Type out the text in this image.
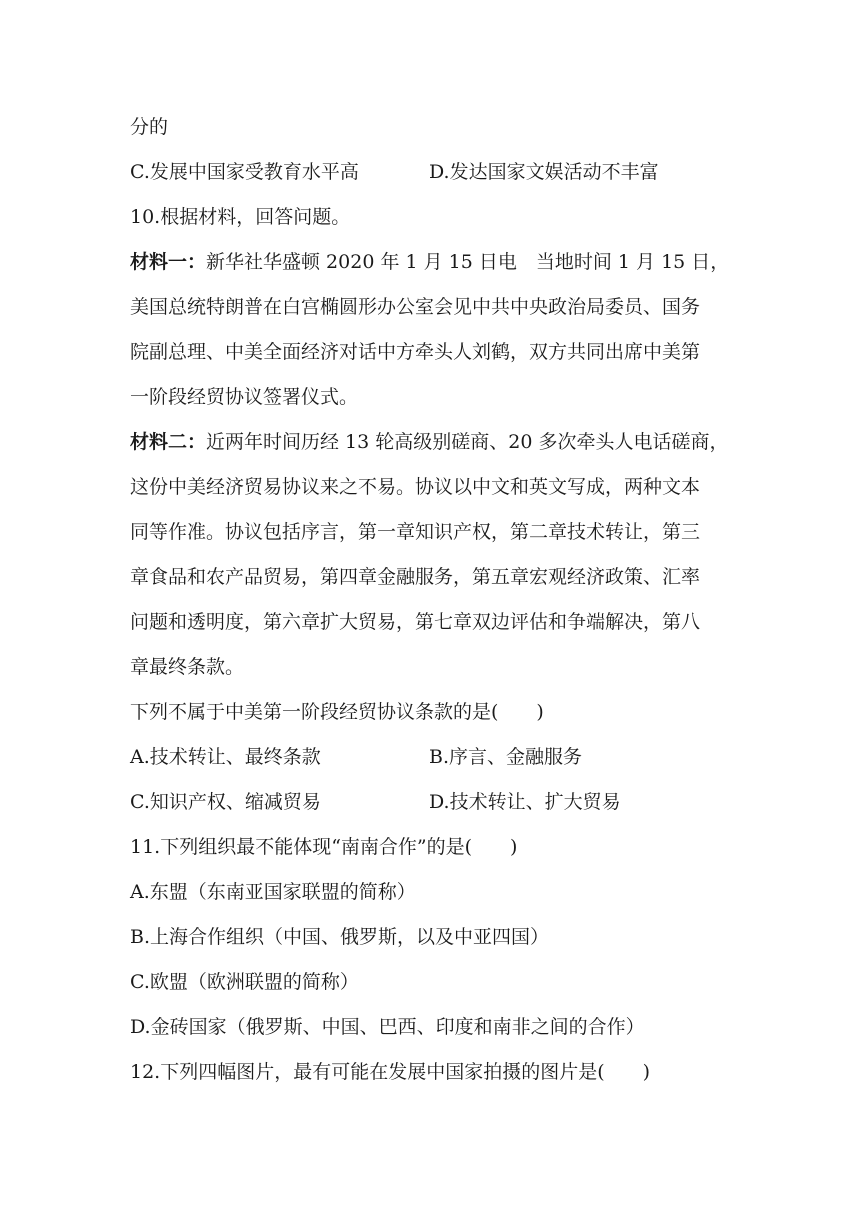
分的
C.发展中国家受教育水平高	D.发达国家文娱活动不丰富
10.根据材料，回答问题。
材料一：新华社华盛顿 2020 年 1 月 15 日电　当地时间 1 月 15 日，
美国总统特朗普在白宫椭圆形办公室会见中共中央政治局委员、国务
院副总理、中美全面经济对话中方牵头人刘鹤，双方共同出席中美第
一阶段经贸协议签署仪式。
材料二：近两年时间历经 13 轮高级别磋商、20 多次牵头人电话磋商，
这份中美经济贸易协议来之不易。协议以中文和英文写成，两种文本
同等作准。协议包括序言，第一章知识产权，第二章技术转让，第三
章食品和农产品贸易，第四章金融服务，第五章宏观经济政策、汇率
问题和透明度，第六章扩大贸易，第七章双边评估和争端解决，第八
章最终条款。
下列不属于中美第一阶段经贸协议条款的是(　　)
A.技术转让、最终条款	B.序言、金融服务
C.知识产权、缩减贸易	D.技术转让、扩大贸易
11.下列组织最不能体现“南南合作”的是(　　)
A.东盟（东南亚国家联盟的简称）
B.上海合作组织（中国、俄罗斯，以及中亚四国）
C.欧盟（欧洲联盟的简称）
D.金砖国家（俄罗斯、中国、巴西、印度和南非之间的合作）
12.下列四幅图片，最有可能在发展中国家拍摄的图片是(　　)
